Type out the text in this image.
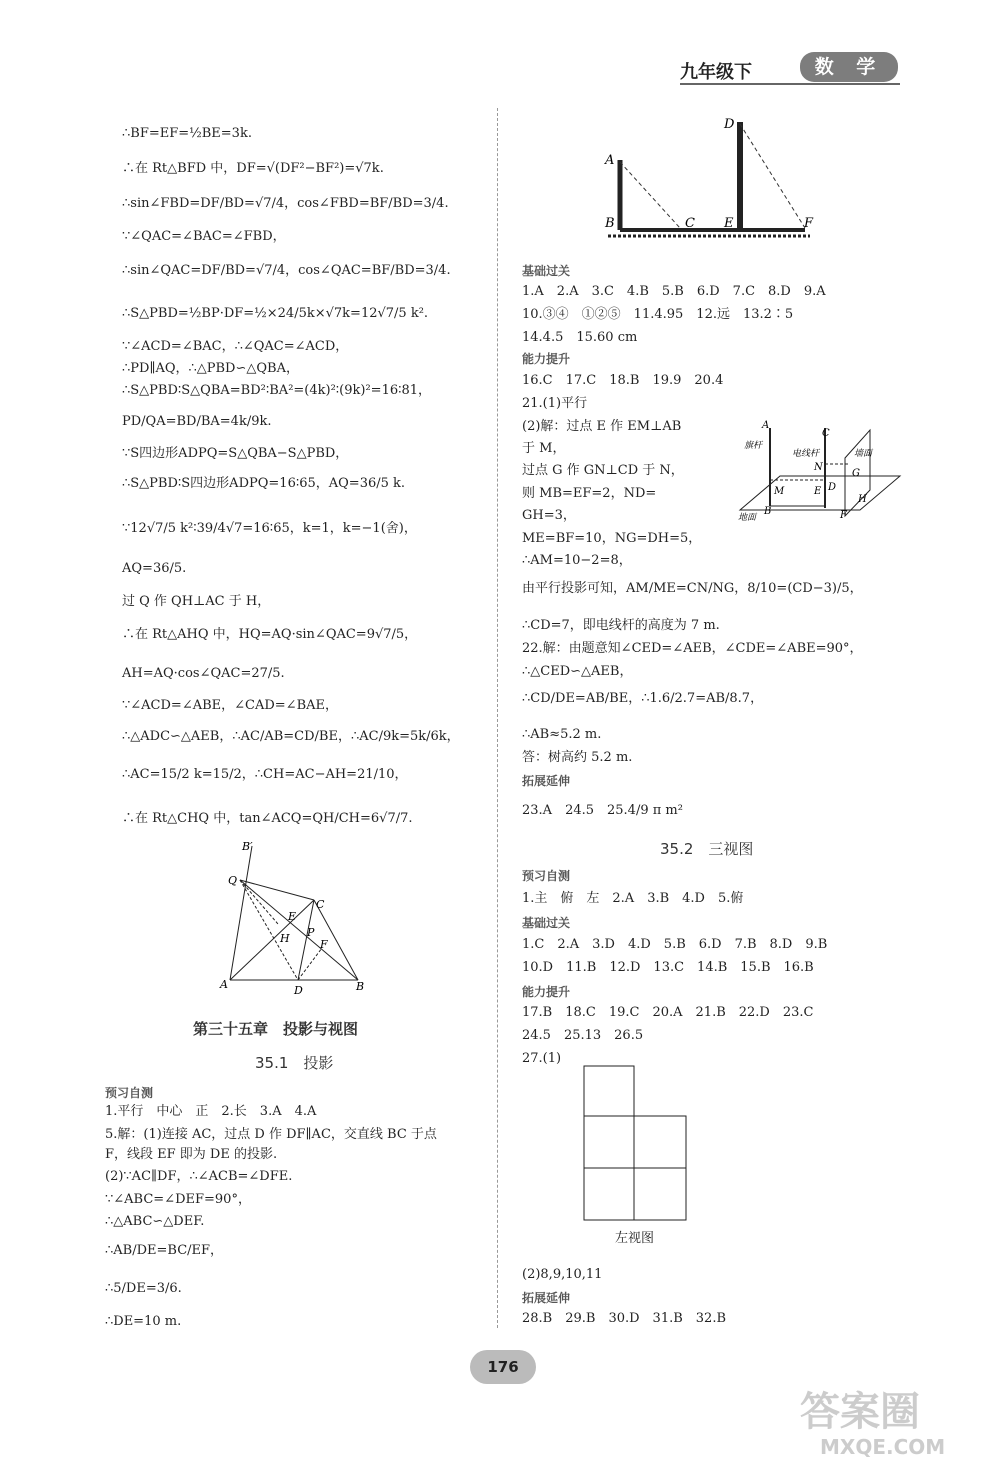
九年级下	数 学
∴BF=EF=½BE=3k.
∴在 Rt△BFD 中，DF=√(DF²−BF²)=√7k.
∴sin∠FBD=DF/BD=√7/4，cos∠FBD=BF/BD=3/4.
∵∠QAC=∠BAC=∠FBD，
∴sin∠QAC=DF/BD=√7/4，cos∠QAC=BF/BD=3/4.
∴S△PBD=½BP·DF=½×24/5k×√7k=12√7/5 k².
∵∠ACD=∠BAC，∴∠QAC=∠ACD，
∴PD∥AQ，∴△PBD∽△QBA，
∴S△PBD∶S△QBA=BD²∶BA²=(4k)²∶(9k)²=16∶81，
PD/QA=BD/BA=4k/9k.
∵S四边形ADPQ=S△QBA−S△PBD，
∴S△PBD∶S四边形ADPQ=16∶65，AQ=36/5 k.
∵12√7/5 k²∶39/4√7=16∶65，k=1，k=−1(舍)，
AQ=36/5.
过 Q 作 QH⊥AC 于 H，
∴在 Rt△AHQ 中，HQ=AQ·sin∠QAC=9√7/5，
AH=AQ·cos∠QAC=27/5.
∵∠ACD=∠ABE，∠CAD=∠BAE，
∴△ADC∽△AEB，∴AC/AB=CD/BE，∴AC/9k=5k/6k，
∴AC=15/2 k=15/2，∴CH=AC−AH=21/10，
∴在 Rt△CHQ 中，tan∠ACQ=QH/CH=6√7/7.
预习自测
1.平行　中心　正　2.长　3.A　4.A
5.解：(1)连接 AC，过点 D 作 DF∥AC，交直线 BC 于点
F，线段 EF 即为 DE 的投影.
(2)∵AC∥DF，∴∠ACB=∠DFE.
∵∠ABC=∠DEF=90°，
∴△ABC∽△DEF.
∴AB/DE=BC/EF，
∴5/DE=3/6.
∴DE=10 m.
基础过关
1.A　2.A　3.C　4.B　5.B　6.D　7.C　8.D　9.A
10.③④　①②⑤　11.4.95　12.远　13.2∶5
14.4.5　15.60 cm
能力提升
16.C　17.C　18.B　19.9　20.4
21.(1)平行
(2)解：过点 E 作 EM⊥AB
于 M，
过点 G 作 GN⊥CD 于 N，
则 MB=EF=2，ND=
GH=3，
ME=BF=10，NG=DH=5，
∴AM=10−2=8，
由平行投影可知，AM/ME=CN/NG，8/10=(CD−3)/5，
∴CD=7，即电线杆的高度为 7 m.
22.解：由题意知∠CED=∠AEB，∠CDE=∠ABE=90°，
∴△CED∽△AEB，
∴CD/DE=AB/BE，∴1.6/2.7=AB/8.7，
∴AB≈5.2 m.
答：树高约 5.2 m.
拓展延伸
23.A　24.5　25.4/9 π m²
预习自测
1.主　俯　左　2.A　3.B　4.D　5.俯
基础过关
1.C　2.A　3.D　4.D　5.B　6.D　7.B　8.D　9.B
10.D　11.B　12.D　13.C　14.B　15.B　16.B
能力提升
17.B　18.C　19.C　20.A　21.B　22.D　23.C
24.5　25.13　26.5
27.(1)
(2)8,9,10,11
拓展延伸
28.B　29.B　30.D　31.B　32.B
第三十五章　投影与视图
35.1　投影
35.2　三视图
A
B	C
D
E	F
A
旗杆
电线杆
C
N
墙面
M	E D
G
B	F
H
地面
B′
Q
C
E
H P
F
A	D	B
左视图
176
答案圈
MXQE.COM
